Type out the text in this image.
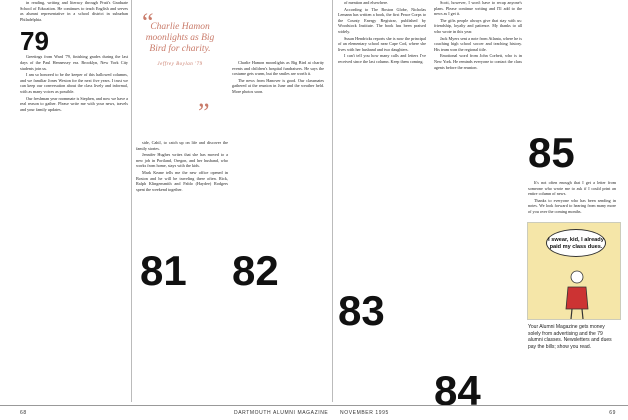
in reading, writing and literacy through Pratt's Graduate School of Education. He continues to teach English and serves as alumni representative in a school district in suburban Philadelphia.

Greetings from Ward '79, finishing grades during the last days of the Paul Hennessey era. Brooklyn, New York City students join us.

I am so honored to be the keeper of this hallowed columns, and we familiar Jones Weston for the next five years. I trust we can keep our conversation about the class lively and informal, with as many voices as possible.

Our freshman year roommate is Stephen, and now we have a real reason to gather. Please write me with your news, travels and your family updates.

79
“
Charlie Hamon moonlights as Big Bird for charity.
Jeffrey Boylan '79
”

side, Cahil, to catch up on life and discover the family stories.

Jennifer Hughes writes that she has moved to a new job in Portland, Oregon, and her husband, who works from home, stays with the kids.

Mark Keane tells me the new office opened in Boston and he will be traveling there often. Rick, Ralph Klingensmith and Pablo (Haydee) Rodgers spent the weekend together.

81

Charlie Hamon moonlights as Big Bird at charity events and children's hospital fundraisers. He says the costume gets warm, but the smiles are worth it.

The news from Hanover is good. Our classmates gathered at the reunion in June and the weather held. More photos soon.

82

of mention and elsewhere.

According to The Boston Globe, Nicholas Lemann has written a book, the first Peace Corps to the County Energy Registrar, published by Woodstock Institute. The book has been praised widely.

Susan Hendricks reports she is now the principal of an elementary school near Cape Cod, where she lives with her husband and two daughters.

I can't tell you how many calls and letters I've received since the last column. Keep them coming.

83

Scott, however, I won't have to recap anyone's plans. Please continue writing and I'll add to the news as I get it.

The gifts people always give that stay with us: friendship, loyalty and patience. My thanks to all who wrote in this year.

Jack Myers sent a note from Atlanta, where he is coaching high school soccer and teaching history. His team won the regional title.

Emotional word from John Corbett, who is in New York. He reminds everyone to contact the class agents before the reunion.

84

It's not often enough that I get a letter from someone who wrote me to ask if I could print an entire column of news.

Thanks to everyone who has been sending in notes. We look forward to hearing from many more of you over the coming months.

85
I swear, kid, I already paid my class dues.
Your Alumni Magazine gets money solely from advertising and the 79 alumni classes. Newsletters and dues pay the bills; show you read.
68	DARTMOUTH ALUMNI MAGAZINE NOVEMBER 1995	69
